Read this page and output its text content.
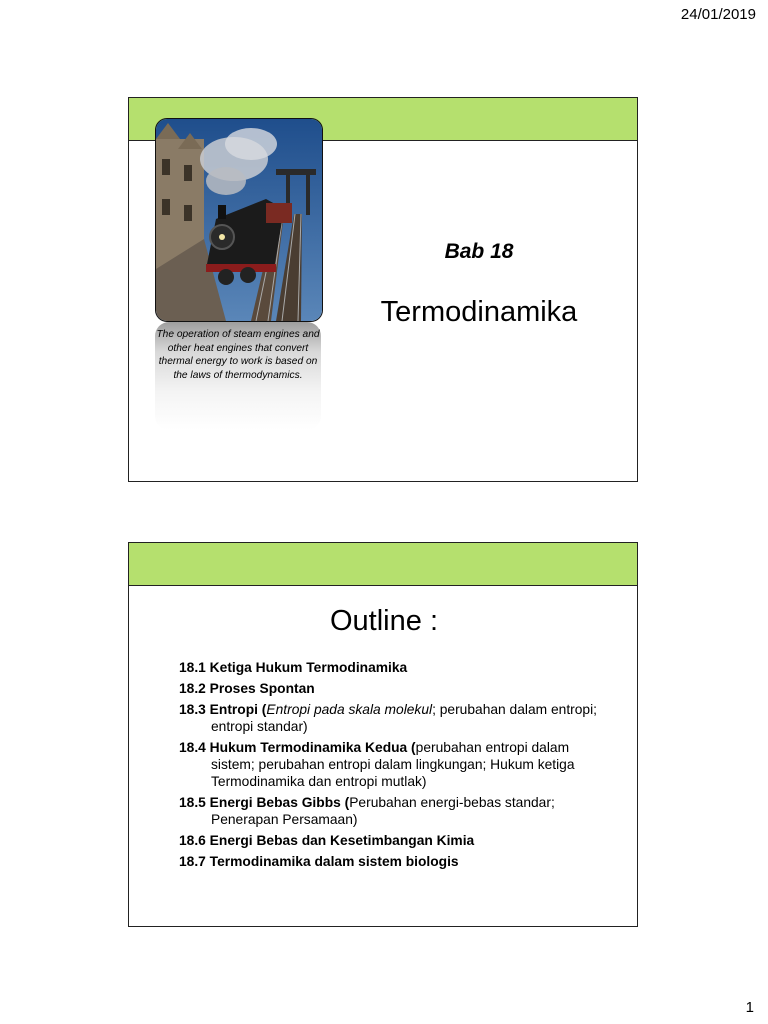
24/01/2019
The operation of steam engines and other heat engines that convert thermal energy to work is based on the laws of thermodynamics.
Bab 18
Termodinamika
Outline :
18.1 Ketiga Hukum Termodinamika
18.2 Proses Spontan
18.3 Entropi (Entropi pada skala molekul; perubahan dalam entropi; entropi standar)
18.4 Hukum Termodinamika Kedua (perubahan entropi dalam sistem; perubahan entropi dalam lingkungan; Hukum ketiga Termodinamika dan entropi mutlak)
18.5 Energi Bebas Gibbs (Perubahan energi-bebas standar; Penerapan Persamaan)
18.6 Energi Bebas dan Kesetimbangan Kimia
18.7 Termodinamika dalam sistem biologis
1
